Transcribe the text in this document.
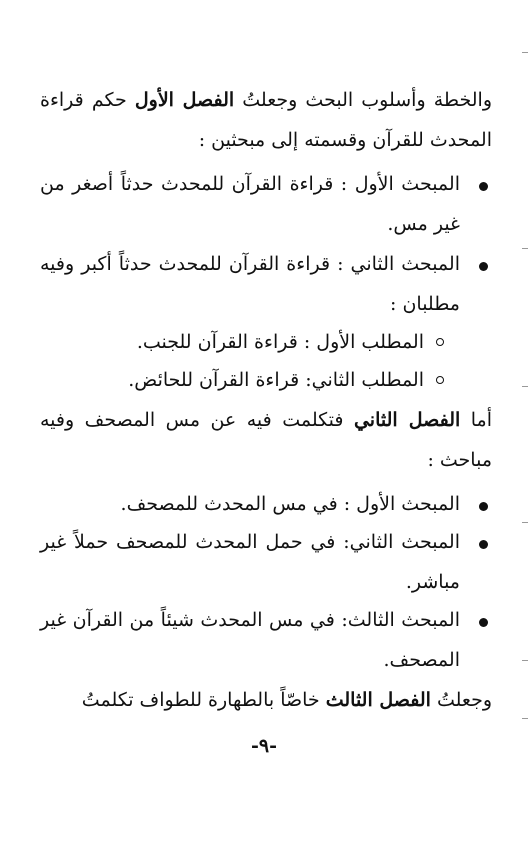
والخطة وأسلوب البحث وجعلتُ الفصل الأول حكم قراءة المحدث للقرآن وقسمته إلى مبحثين :
المبحث الأول : قراءة القرآن للمحدث حدثاً أصغر من غير مس.
المبحث الثاني : قراءة القرآن للمحدث حدثاً أكبر وفيه مطلبان :
المطلب الأول : قراءة القرآن للجنب.
المطلب الثاني: قراءة القرآن للحائض.
أما الفصل الثاني فتكلمت فيه عن مس المصحف وفيه مباحث :
المبحث الأول : في مس المحدث للمصحف.
المبحث الثاني: في حمل المحدث للمصحف حملاً غير مباشر.
المبحث الثالث: في مس المحدث شيئاً من القرآن غير المصحف.
وجعلتُ الفصل الثالث خاصّاً بالطهارة للطواف تكلمتُ
-٩-
